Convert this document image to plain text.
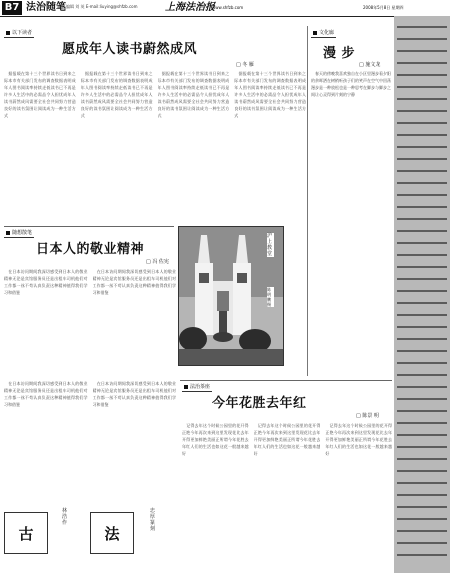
B7 法治随笔
责任编辑 刘 英 E-mail:liuying@shfzb.com	上海法治报
www.shfzb.com	2008年5月8日 星期四
以下读者
愿成年人读书蔚然成风
□ 冬 雁
据报载在第十三个世界读书日到来之际本市有关部门发布的调查数据表明成年人图书阅读率持续走低读书已不再是许多人生活中的必需品令人担忧成年人读书蔚然成风需要全社会共同努力营造良好的读书氛围让阅读成为一种生活方式
据报载在第十三个世界读书日到来之际本市有关部门发布的调查数据表明成年人图书阅读率持续走低读书已不再是许多人生活中的必需品令人担忧成年人读书蔚然成风需要全社会共同努力营造良好的读书氛围让阅读成为一种生活方式
据报载在第十三个世界读书日到来之际本市有关部门发布的调查数据表明成年人图书阅读率持续走低读书已不再是许多人生活中的必需品令人担忧成年人读书蔚然成风需要全社会共同努力营造良好的读书氛围让阅读成为一种生活方式
据报载在第十三个世界读书日到来之际本市有关部门发布的调查数据表明成年人图书阅读率持续走低读书已不再是许多人生活中的必需品令人担忧成年人读书蔚然成风需要全社会共同努力营造良好的读书氛围让阅读成为一种生活方式
文化廊
漫 步
□ 施文龙
春天的傍晚我喜欢独自在小区里漫步看夕阳的余晖洒在树梢听孩子们的笑声在空气中回荡漫步是一种放松也是一种思考在脚步与脚步之间让心灵得到片刻的宁静
随想散笔
日本人的敬业精神
□ 冯 佐宪
在日本访问期间我深切感受到日本人的敬业精神无论是宾馆服务员还是出租车司机他们对工作都一丝不苟认真负责这种精神值得我们学习和借鉴
在日本访问期间我深切感受到日本人的敬业精神无论是宾馆服务员还是出租车司机他们对工作都一丝不苟认真负责这种精神值得我们学习和借鉴
沪上教堂
陈明鹏 摄
法治茶座
今年花胜去年红
□ 陈景 明
记得去年这个时候公园里的花开得正艳今年再次来到这里发现花比去年开得更加鲜艳美丽正所谓今年花胜去年红人们的生活也如这花一般越来越好
记得去年这个时候公园里的花开得正艳今年再次来到这里发现花比去年开得更加鲜艳美丽正所谓今年花胜去年红人们的生活也如这花一般越来越好
记得去年这个时候公园里的花开得正艳今年再次来到这里发现花比去年开得更加鲜艳美丽正所谓今年花胜去年红人们的生活也如这花一般越来越好
在日本访问期间我深切感受到日本人的敬业精神无论是宾馆服务员还是出租车司机他们对工作都一丝不苟认真负责这种精神值得我们学习和借鉴
在日本访问期间我深切感受到日本人的敬业精神无论是宾馆服务员还是出租车司机他们对工作都一丝不苟认真负责这种精神值得我们学习和借鉴
古
林
浩
作
法
忠
厚
篆
刻
